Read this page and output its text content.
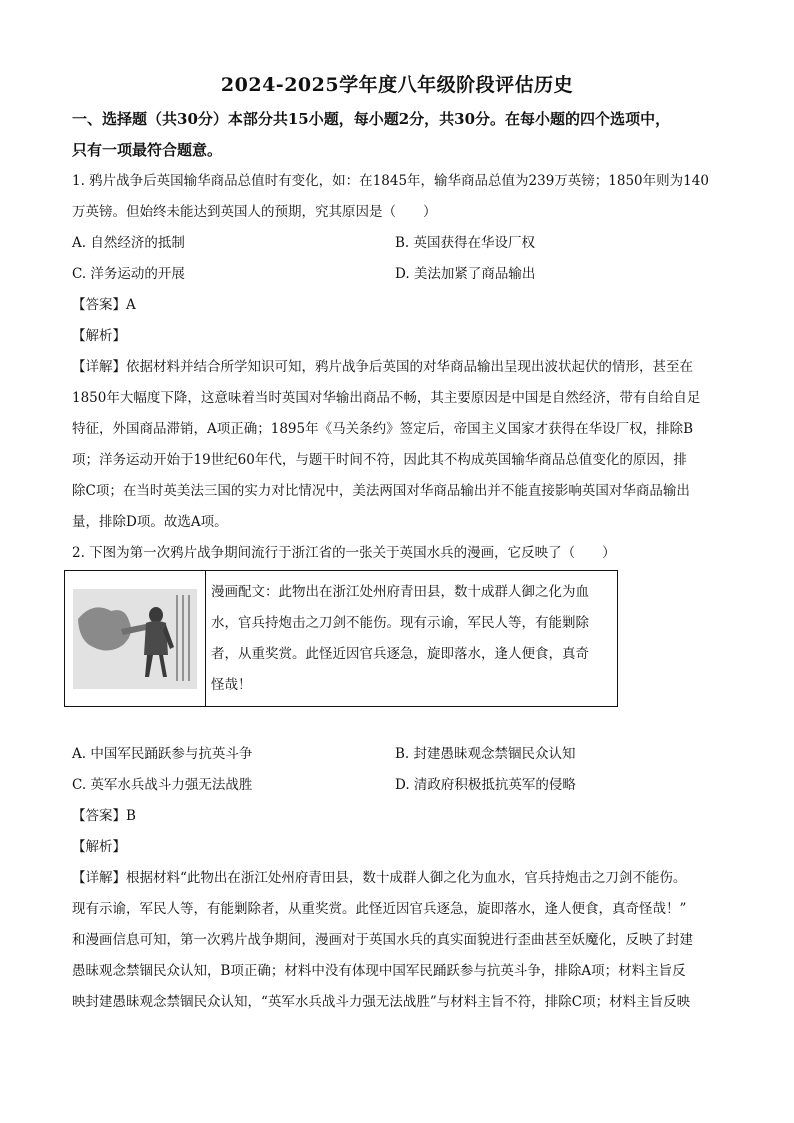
2024-2025学年度八年级阶段评估历史
一、选择题（共30分）本部分共15小题，每小题2分，共30分。在每小题的四个选项中，
只有一项最符合题意。
1. 鸦片战争后英国输华商品总值时有变化，如：在1845年，输华商品总值为239万英镑；1850年则为140
万英镑。但始终未能达到英国人的预期，究其原因是（　　）
A. 自然经济的抵制	B. 英国获得在华设厂权
C. 洋务运动的开展	D. 美法加紧了商品输出
【答案】A
【解析】
【详解】依据材料并结合所学知识可知，鸦片战争后英国的对华商品输出呈现出波状起伏的情形，甚至在
1850年大幅度下降，这意味着当时英国对华输出商品不畅，其主要原因是中国是自然经济，带有自给自足
特征，外国商品滞销，A项正确；1895年《马关条约》签定后，帝国主义国家才获得在华设厂权，排除B
项；洋务运动开始于19世纪60年代，与题干时间不符，因此其不构成英国输华商品总值变化的原因，排
除C项；在当时英美法三国的实力对比情况中，美法两国对华商品输出并不能直接影响英国对华商品输出
量，排除D项。故选A项。
2. 下图为第一次鸦片战争期间流行于浙江省的一张关于英国水兵的漫画，它反映了（　　）
漫画配文：此物出在浙江处州府青田县，数十成群人御之化为血
水，官兵持炮击之刀剑不能伤。现有示谕，军民人等，有能剿除
者，从重奖赏。此怪近因官兵逐急，旋即落水，逢人便食，真奇
怪哉！
A. 中国军民踊跃参与抗英斗争	B. 封建愚昧观念禁锢民众认知
C. 英军水兵战斗力强无法战胜	D. 清政府积极抵抗英军的侵略
【答案】B
【解析】
【详解】根据材料“此物出在浙江处州府青田县，数十成群人御之化为血水，官兵持炮击之刀剑不能伤。
现有示谕，军民人等，有能剿除者，从重奖赏。此怪近因官兵逐急，旋即落水，逢人便食，真奇怪哉！”
和漫画信息可知，第一次鸦片战争期间，漫画对于英国水兵的真实面貌进行歪曲甚至妖魔化，反映了封建
愚昧观念禁锢民众认知，B项正确；材料中没有体现中国军民踊跃参与抗英斗争，排除A项；材料主旨反
映封建愚昧观念禁锢民众认知，“英军水兵战斗力强无法战胜”与材料主旨不符，排除C项；材料主旨反映
